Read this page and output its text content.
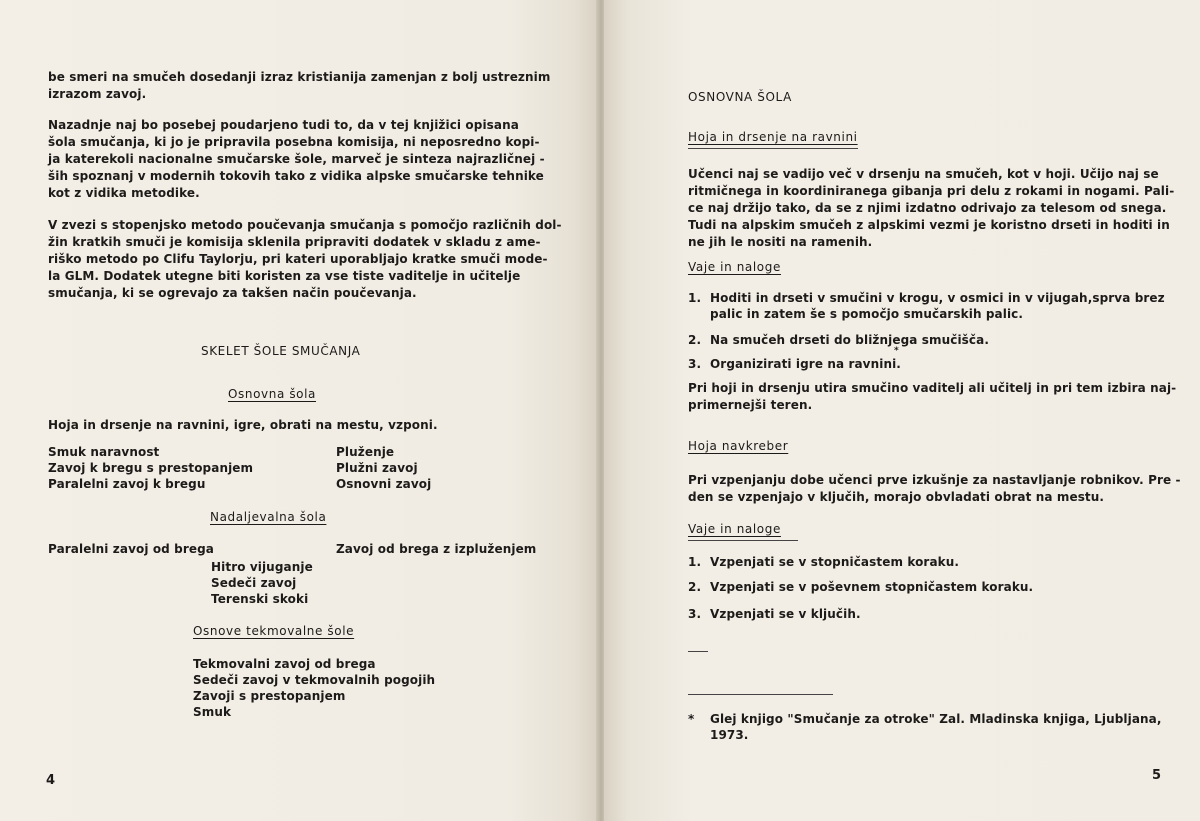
be smeri na smučeh dosedanji izraz kristianija zamenjan z bolj ustreznim
izrazom zavoj.
Nazadnje naj bo posebej poudarjeno tudi to, da v tej knjižici opisana
šola smučanja, ki jo je pripravila posebna komisija, ni neposredno kopi-
ja katerekoli nacionalne smučarske šole, marveč je sinteza najrazličnej -
ših spoznanj v modernih tokovih tako z vidika alpske smučarske tehnike
kot z vidika metodike.
V zvezi s stopenjsko metodo poučevanja smučanja s pomočjo različnih dol-
žin kratkih smuči je komisija sklenila pripraviti dodatek v skladu z ame-
riško metodo po Clifu Taylorju, pri kateri uporabljajo kratke smuči mode-
la GLM. Dodatek utegne biti koristen za vse tiste vaditelje in učitelje
smučanja, ki se ogrevajo za takšen način poučevanja.
SKELET ŠOLE SMUČANJA
Osnovna šola
Hoja in drsenje na ravnini, igre, obrati na mestu, vzponi.
Smuk naravnost
Zavoj k bregu s prestopanjem
Paralelni zavoj k bregu
Pluženje
Plužni zavoj
Osnovni zavoj
Nadaljevalna šola
Paralelni zavoj od brega	Zavoj od brega z izpluženjem
Hitro vijuganje
Sedeči zavoj
Terenski skoki
Osnove tekmovalne šole
Tekmovalni zavoj od brega
Sedeči zavoj v tekmovalnih pogojih
Zavoji s prestopanjem
Smuk
4
OSNOVNA ŠOLA
Hoja in drsenje na ravnini
Učenci naj se vadijo več v drsenju na smučeh, kot v hoji. Učijo naj se
ritmičnega in koordiniranega gibanja pri delu z rokami in nogami. Pali-
ce naj držijo tako, da se z njimi izdatno odrivajo za telesom od snega.
Tudi na alpskim smučeh z alpskimi vezmi je koristno drseti in hoditi in
ne jih le nositi na ramenih.
Vaje in naloge
1. Hoditi in drseti v smučini v krogu, v osmici in v vijugah,sprva brez
palic in zatem še s pomočjo smučarskih palic.
2. Na smučeh drseti do bližnjega smučišča.
3. Organizirati igre na ravnini.
*
Pri hoji in drsenju utira smučino vaditelj ali učitelj in pri tem izbira naj-
primernejši teren.
Hoja navkreber
Pri vzpenjanju dobe učenci prve izkušnje za nastavljanje robnikov. Pre -
den se vzpenjajo v ključih, morajo obvladati obrat na mestu.
Vaje in naloge
1. Vzpenjati se v stopničastem koraku.
2. Vzpenjati se v poševnem stopničastem koraku.
3. Vzpenjati se v ključih.
* Glej knjigo "Smučanje za otroke" Zal. Mladinska knjiga, Ljubljana,
1973.
5
